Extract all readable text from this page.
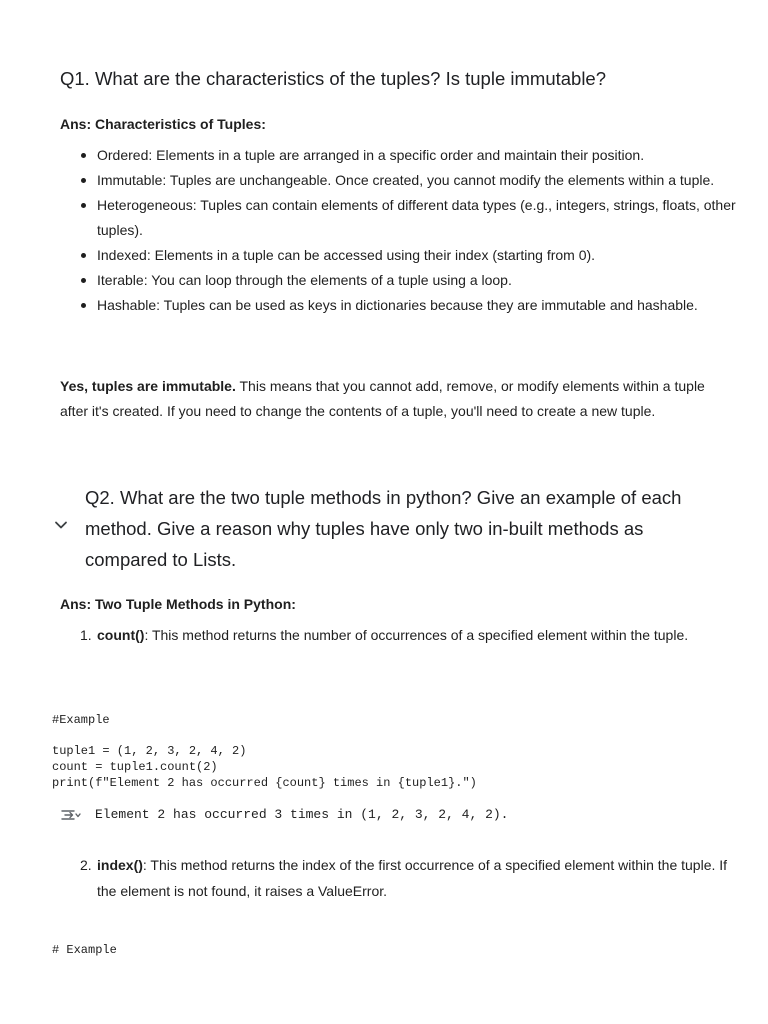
Q1. What are the characteristics of the tuples? Is tuple immutable?
Ans: Characteristics of Tuples:
Ordered: Elements in a tuple are arranged in a specific order and maintain their position.
Immutable: Tuples are unchangeable. Once created, you cannot modify the elements within a tuple.
Heterogeneous: Tuples can contain elements of different data types (e.g., integers, strings, floats, other tuples).
Indexed: Elements in a tuple can be accessed using their index (starting from 0).
Iterable: You can loop through the elements of a tuple using a loop.
Hashable: Tuples can be used as keys in dictionaries because they are immutable and hashable.

Yes, tuples are immutable. This means that you cannot add, remove, or modify elements within a tuple after it's created. If you need to change the contents of a tuple, you'll need to create a new tuple.

Q2. What are the two tuple methods in python? Give an example of each method. Give a reason why tuples have only two in-built methods as compared to Lists.
Ans: Two Tuple Methods in Python:
1. count(): This method returns the number of occurrences of a specified element within the tuple.
#Example
tuple1 = (1, 2, 3, 2, 4, 2)
count = tuple1.count(2)
print(f"Element 2 has occurred {count} times in {tuple1}.")
Element 2 has occurred 3 times in (1, 2, 3, 2, 4, 2).
2. index(): This method returns the index of the first occurrence of a specified element within the tuple. If the element is not found, it raises a ValueError.
# Example
